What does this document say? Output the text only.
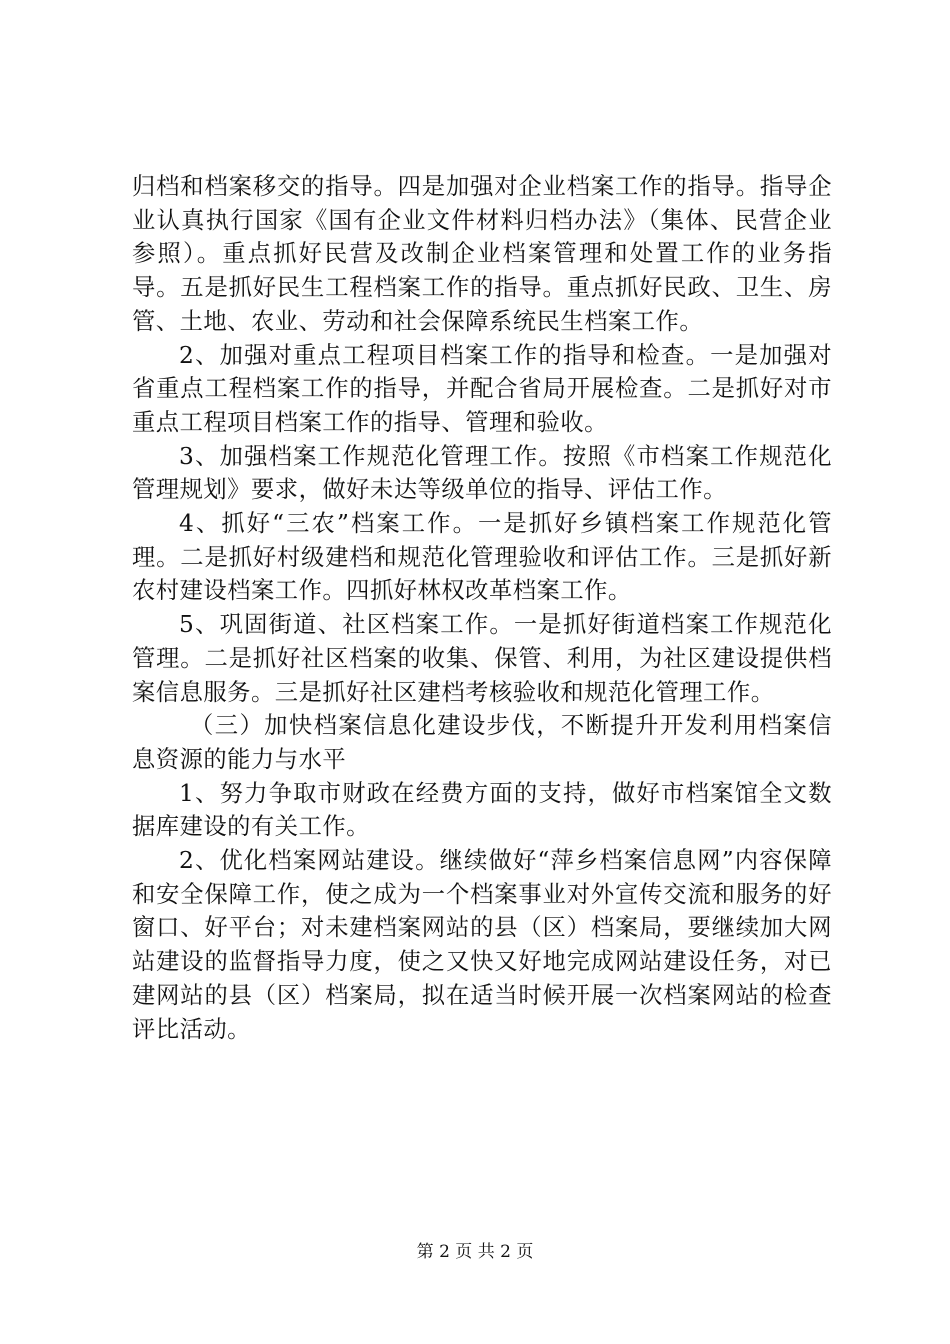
归档和档案移交的指导。四是加强对企业档案工作的指导。指导企业认真执行国家《国有企业文件材料归档办法》（集体、民营企业参照）。重点抓好民营及改制企业档案管理和处置工作的业务指导。五是抓好民生工程档案工作的指导。重点抓好民政、卫生、房管、土地、农业、劳动和社会保障系统民生档案工作。

2、加强对重点工程项目档案工作的指导和检查。一是加强对省重点工程档案工作的指导，并配合省局开展检查。二是抓好对市重点工程项目档案工作的指导、管理和验收。

3、加强档案工作规范化管理工作。按照《市档案工作规范化管理规划》要求，做好未达等级单位的指导、评估工作。

4、抓好“三农”档案工作。一是抓好乡镇档案工作规范化管理。二是抓好村级建档和规范化管理验收和评估工作。三是抓好新农村建设档案工作。四抓好林权改革档案工作。

5、巩固街道、社区档案工作。一是抓好街道档案工作规范化管理。二是抓好社区档案的收集、保管、利用，为社区建设提供档案信息服务。三是抓好社区建档考核验收和规范化管理工作。

（三）加快档案信息化建设步伐，不断提升开发利用档案信息资源的能力与水平

1、努力争取市财政在经费方面的支持，做好市档案馆全文数据库建设的有关工作。

2、优化档案网站建设。继续做好“萍乡档案信息网”内容保障和安全保障工作，使之成为一个档案事业对外宣传交流和服务的好窗口、好平台；对未建档案网站的县（区）档案局，要继续加大网站建设的监督指导力度，使之又快又好地完成网站建设任务，对已建网站的县（区）档案局，拟在适当时候开展一次档案网站的检查评比活动。

第 2 页 共 2 页
